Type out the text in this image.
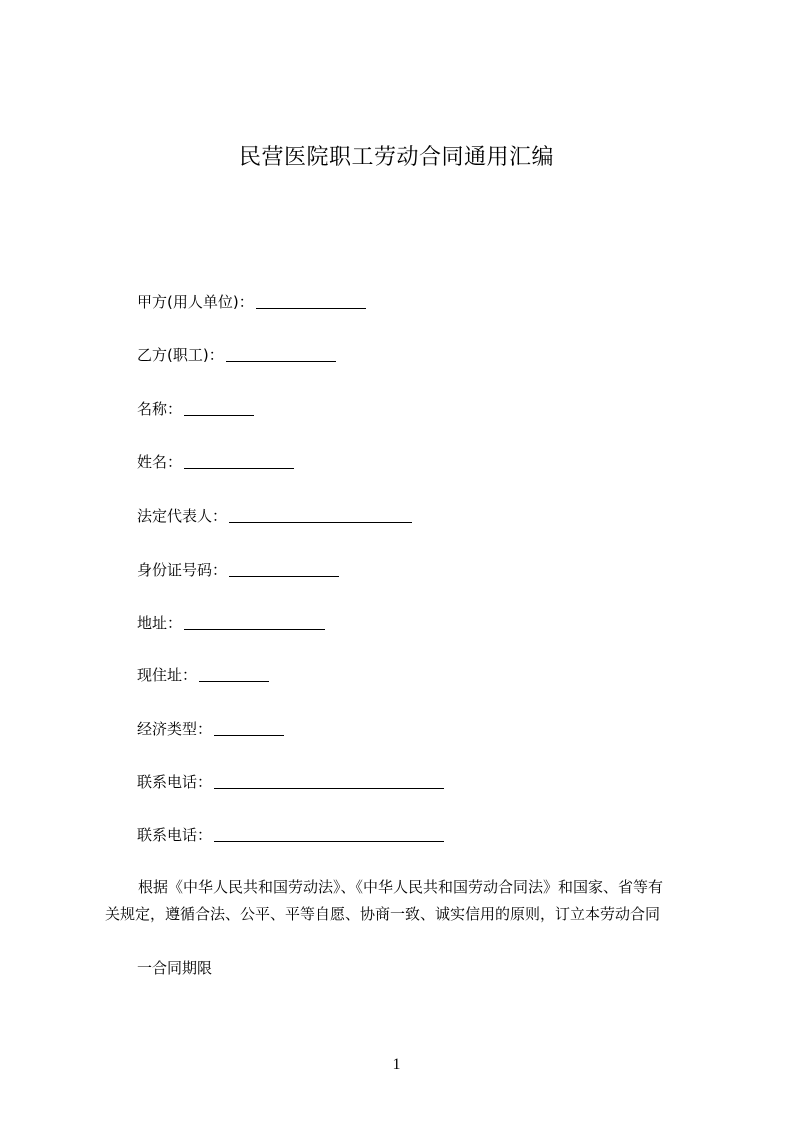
民营医院职工劳动合同通用汇编
甲方(用人单位)：
乙方(职工)：
名称：
姓名：
法定代表人：
身份证号码：
地址：
现住址：
经济类型：
联系电话：
联系电话：
根据《中华人民共和国劳动法》、《中华人民共和国劳动合同法》和国家、省等有
关规定，遵循合法、公平、平等自愿、协商一致、诚实信用的原则，订立本劳动合同
一合同期限
1
